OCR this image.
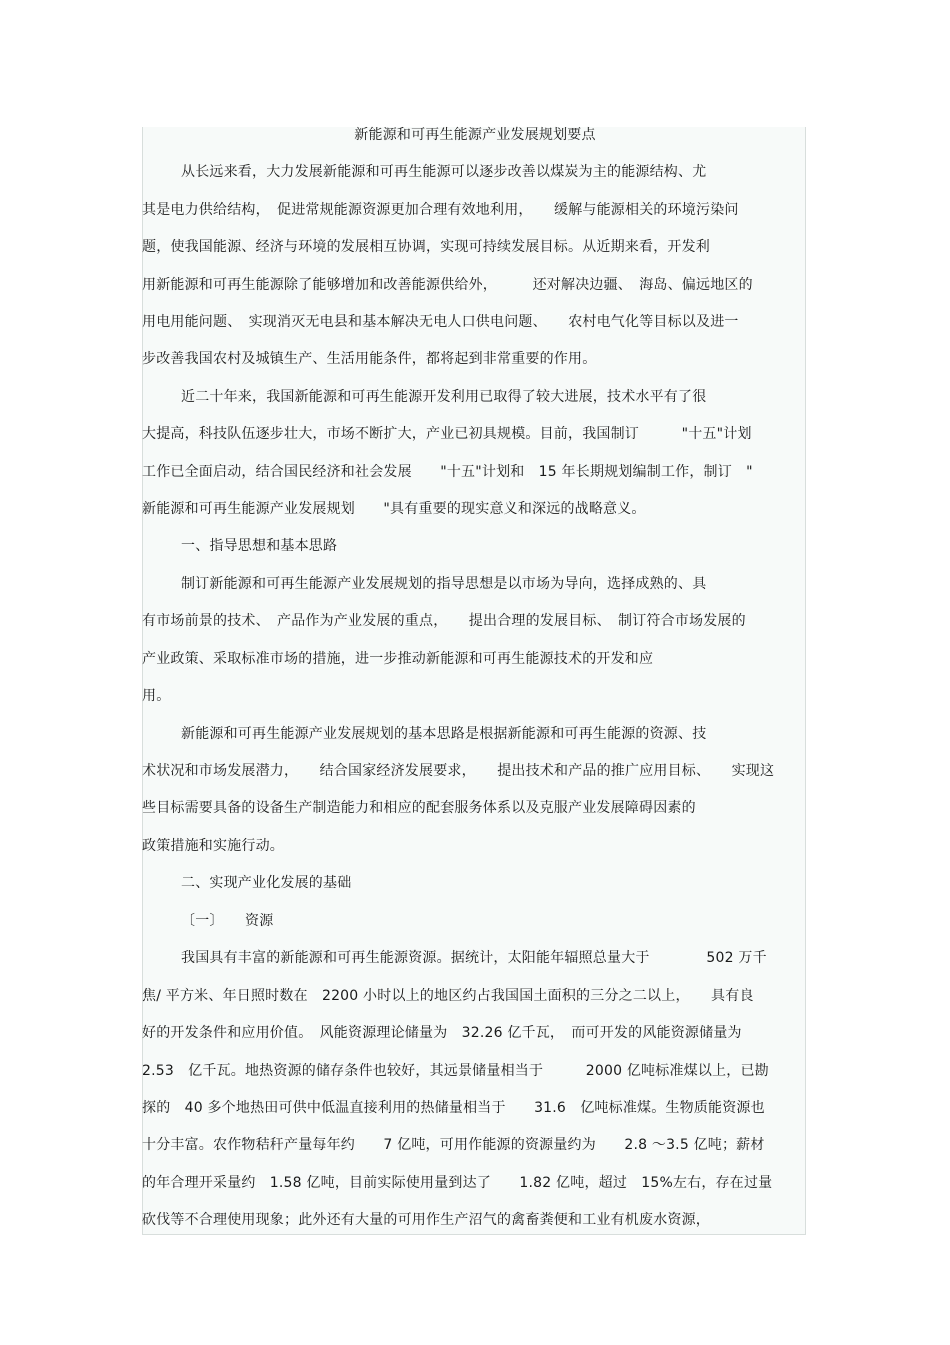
新能源和可再生能源产业发展规划要点
从长远来看，大力发展新能源和可再生能源可以逐步改善以煤炭为主的能源结构、尤
其是电力供给结构，　促进常规能源资源更加合理有效地利用，　　缓解与能源相关的环境污染问
题，使我国能源、经济与环境的发展相互协调，实现可持续发展目标。从近期来看，开发利
用新能源和可再生能源除了能够增加和改善能源供给外，　　　还对解决边疆、　海岛、偏远地区的
用电用能问题、　实现消灭无电县和基本解决无电人口供电问题、　　农村电气化等目标以及进一
步改善我国农村及城镇生产、生活用能条件，都将起到非常重要的作用。
近二十年来，我国新能源和可再生能源开发利用已取得了较大进展，技术水平有了很
大提高，科技队伍逐步壮大，市场不断扩大，产业已初具规模。目前，我国制订　　　"十五"计划
工作已全面启动，结合国民经济和社会发展　　"十五"计划和　15 年长期规划编制工作，制订　"
新能源和可再生能源产业发展规划　　"具有重要的现实意义和深远的战略意义。
一、指导思想和基本思路
制订新能源和可再生能源产业发展规划的指导思想是以市场为导向，选择成熟的、具
有市场前景的技术、　产品作为产业发展的重点，　　提出合理的发展目标、　制订符合市场发展的
产业政策、采取标准市场的措施，进一步推动新能源和可再生能源技术的开发和应
用。
新能源和可再生能源产业发展规划的基本思路是根据新能源和可再生能源的资源、技
术状况和市场发展潜力，　　结合国家经济发展要求，　　提出技术和产品的推广应用目标、　　实现这
些目标需要具备的设备生产制造能力和相应的配套服务体系以及克服产业发展障碍因素的
政策措施和实施行动。
二、实现产业化发展的基础
〔一〕　　资源
我国具有丰富的新能源和可再生能源资源。据统计，太阳能年辐照总量大于　　　　502 万千
焦/ 平方米、年日照时数在　2200 小时以上的地区约占我国国土面积的三分之二以上，　　具有良
好的开发条件和应用价值。　风能资源理论储量为　32.26 亿千瓦，　而可开发的风能资源储量为
2.53　亿千瓦。地热资源的储存条件也较好，其远景储量相当于　　　2000 亿吨标准煤以上，已勘
探的　40 多个地热田可供中低温直接利用的热储量相当于　　31.6　亿吨标准煤。生物质能资源也
十分丰富。农作物秸秆产量每年约　　7 亿吨，可用作能源的资源量约为　　2.8 ～3.5 亿吨；薪材
的年合理开采量约　1.58 亿吨，目前实际使用量到达了　　1.82 亿吨，超过　15%左右，存在过量
砍伐等不合理使用现象；此外还有大量的可用作生产沼气的禽畜粪便和工业有机废水资源，
